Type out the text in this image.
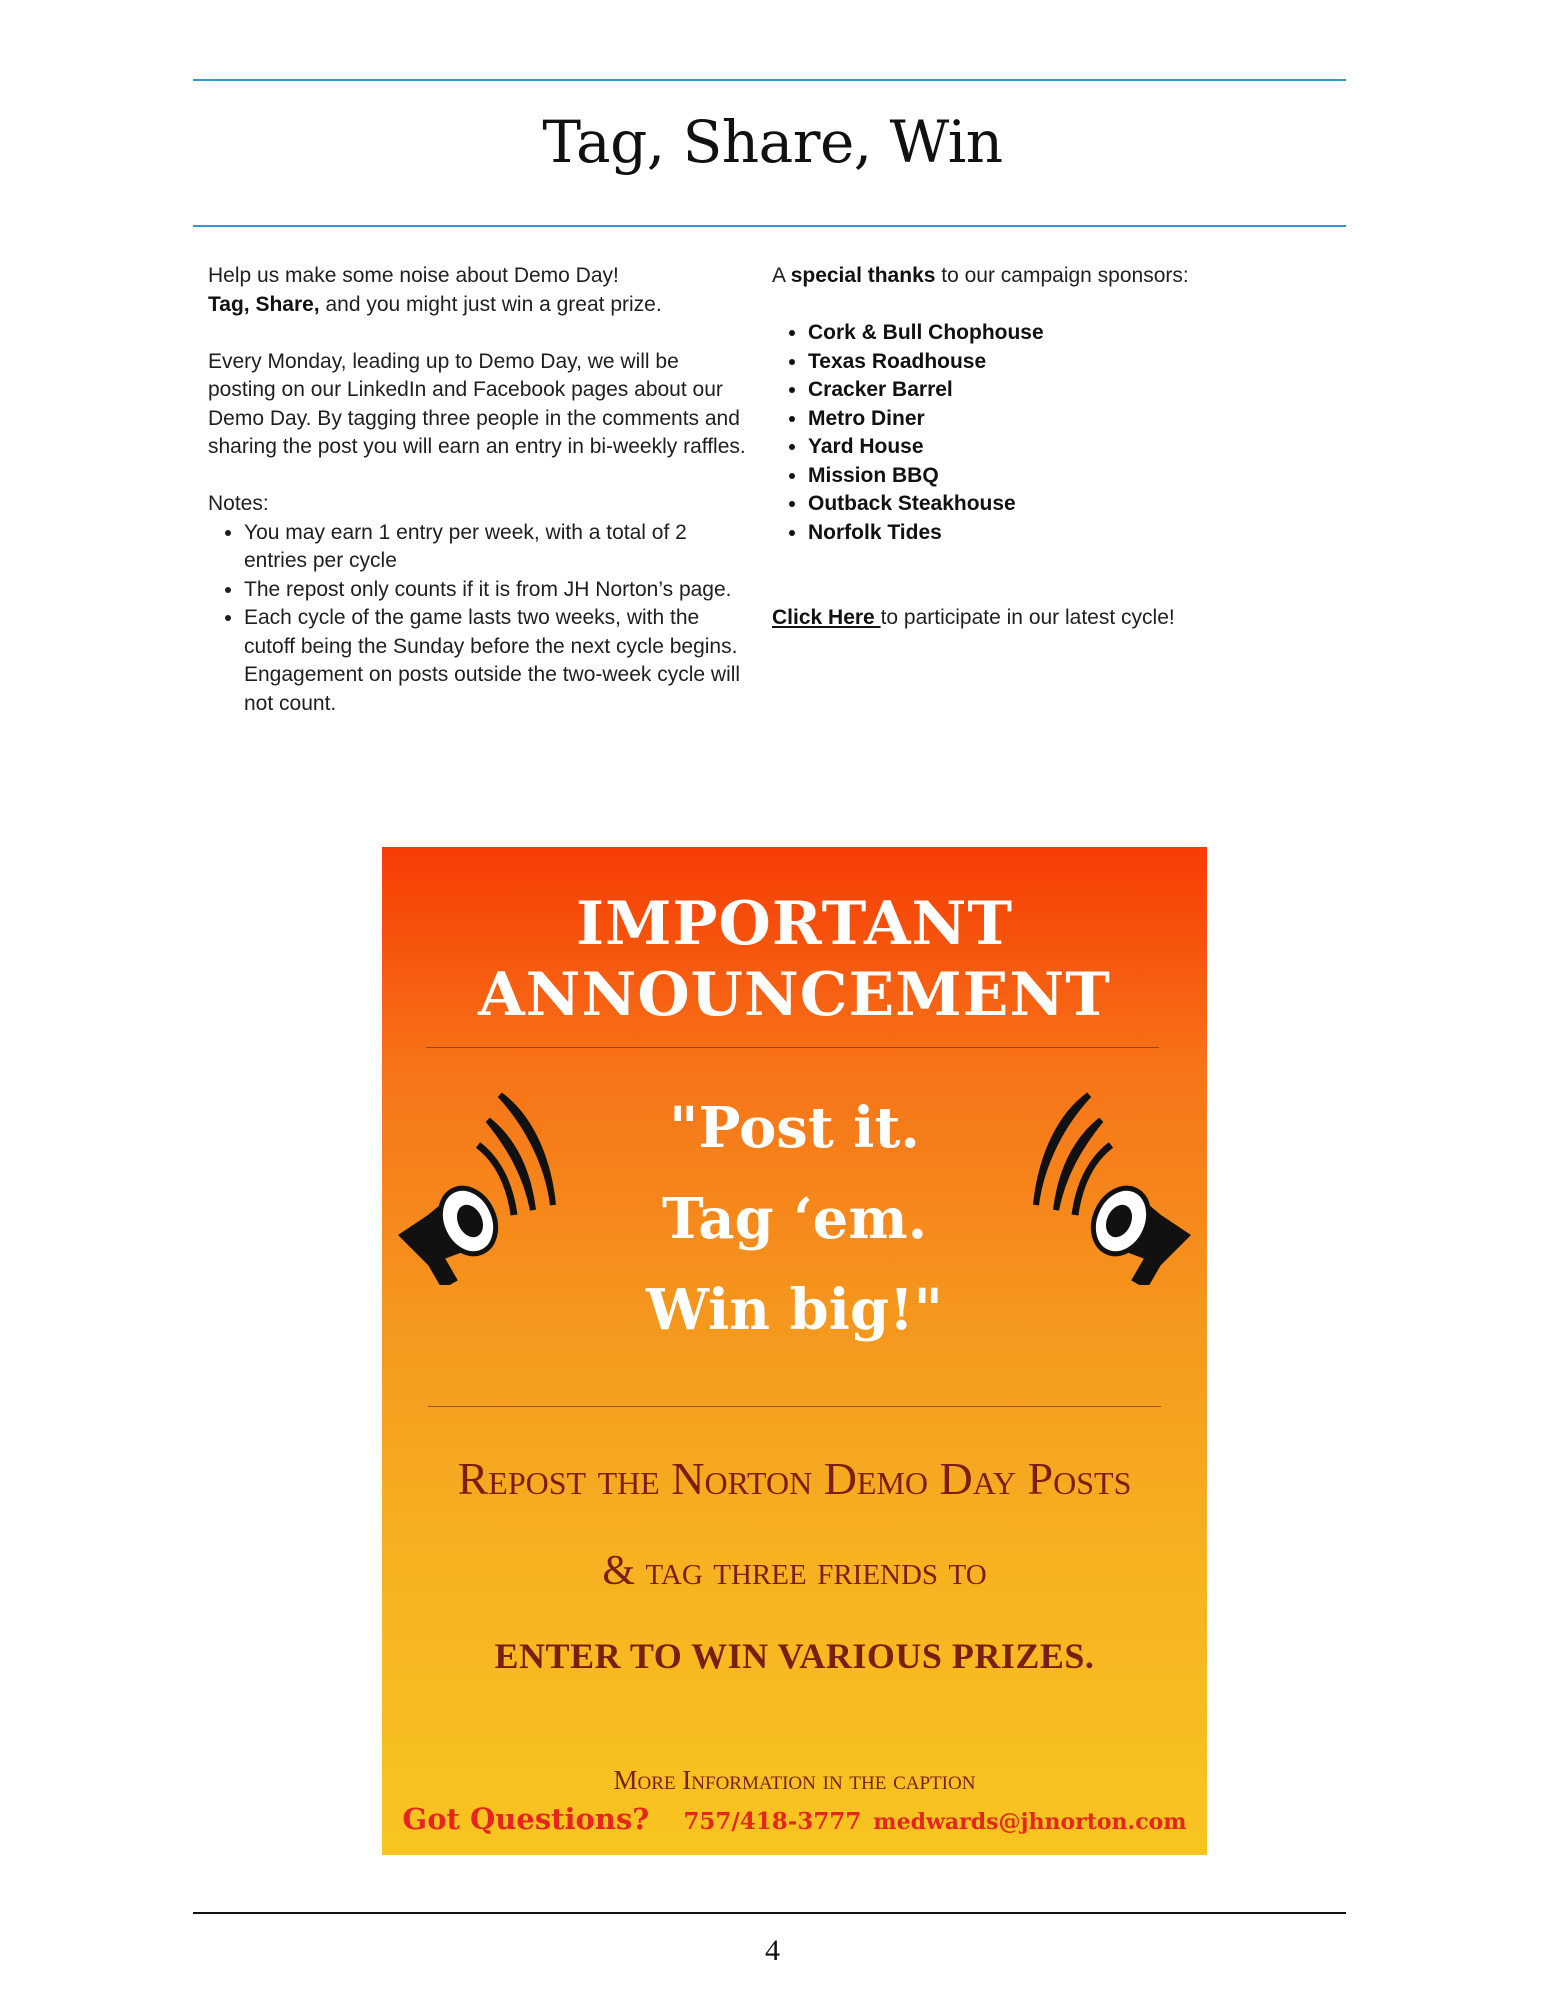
Tag, Share, Win

Help us make some noise about Demo Day!
Tag, Share, and you might just win a great prize.

Every Monday, leading up to Demo Day, we will be posting on our LinkedIn and Facebook pages about our Demo Day. By tagging three people in the comments and sharing the post you will earn an entry in bi-weekly raffles.

Notes:

• You may earn 1 entry per week, with a total of 2 entries per cycle
• The repost only counts if it is from JH Norton’s page.
• Each cycle of the game lasts two weeks, with the cutoff being the Sunday before the next cycle begins. Engagement on posts outside the two-week cycle will not count.

A special thanks to our campaign sponsors:

• Cork & Bull Chophouse
• Texas Roadhouse
• Cracker Barrel
• Metro Diner
• Yard House
• Mission BBQ
• Outback Steakhouse
• Norfolk Tides

Click Here to participate in our latest cycle!

IMPORTANT
ANNOUNCEMENT
"Post it.
Tag ‘em.
Win big!"
Repost the Norton Demo Day Posts
& tag three friends to
ENTER TO WIN VARIOUS PRIZES.
More Information in the caption
Got Questions? 757/418-3777 medwards@jhnorton.com
4
